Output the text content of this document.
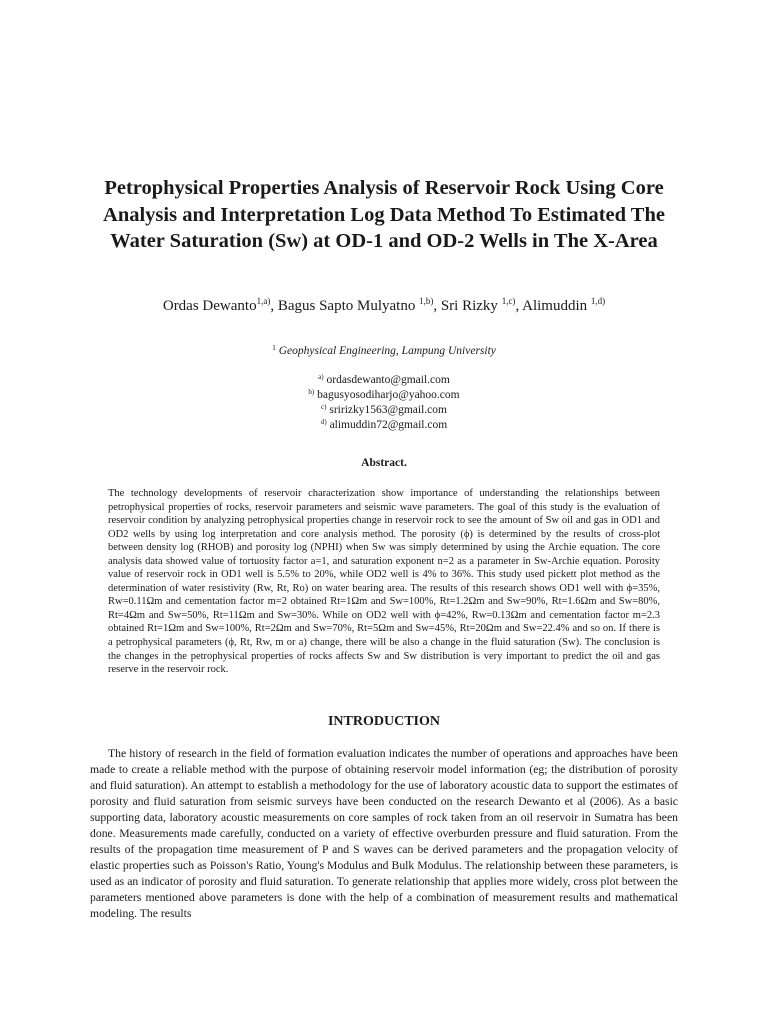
Petrophysical Properties Analysis of Reservoir Rock Using Core Analysis and Interpretation Log Data Method To Estimated The Water Saturation (Sw) at OD-1 and OD-2 Wells in The X-Area
Ordas Dewanto$^{1,a)}$, Bagus Sapto Mulyatno $^{1,b)}$, Sri Rizky $^{1,c)}$, Alimuddin $^{1,d)}$
$^1$ Geophysical Engineering, Lampung University
$^{a)}$ ordasdewanto@gmail.com
$^{b)}$ bagusyosodiharjo@yahoo.com
$^{c)}$ sririzky1563@gmail.com
$^{d)}$ alimuddin72@gmail.com
Abstract.

The technology developments of reservoir characterization show importance of understanding the relationships between petrophysical properties of rocks, reservoir parameters and seismic wave parameters. The goal of this study is the evaluation of reservoir condition by analyzing petrophysical properties change in reservoir rock to see the amount of Sw oil and gas in OD1 and OD2 wells by using log interpretation and core analysis method. The porosity (ϕ) is determined by the results of cross-plot between density log (RHOB) and porosity log (NPHI) when Sw was simply determined by using the Archie equation. The core analysis data showed value of tortuosity factor a=1, and saturation exponent n=2 as a parameter in Sw-Archie equation. Porosity value of reservoir rock in OD1 well is 5.5% to 20%, while OD2 well is 4% to 36%. This study used pickett plot method as the determination of water resistivity (Rw, Rt, Ro) on water bearing area. The results of this research shows OD1 well with ϕ=35%, Rw=0.11Ωm and cementation factor m=2 obtained Rt=1Ωm and Sw=100%, Rt=1.2Ωm and Sw=90%, Rt=1.6Ωm and Sw=80%, Rt=4Ωm and Sw=50%, Rt=11Ωm and Sw=30%. While on OD2 well with ϕ=42%, Rw=0.13Ωm and cementation factor m=2.3 obtained Rt=1Ωm and Sw=100%, Rt=2Ωm and Sw=70%, Rt=5Ωm and Sw=45%, Rt=20Ωm and Sw=22.4% and so on. If there is a petrophysical parameters (ϕ, Rt, Rw, m or a) change, there will be also a change in the fluid saturation (Sw). The conclusion is the changes in the petrophysical properties of rocks affects Sw and Sw distribution is very important to predict the oil and gas reserve in the reservoir rock.

INTRODUCTION

The history of research in the field of formation evaluation indicates the number of operations and approaches have been made to create a reliable method with the purpose of obtaining reservoir model information (eg; the distribution of porosity and fluid saturation). An attempt to establish a methodology for the use of laboratory acoustic data to support the estimates of porosity and fluid saturation from seismic surveys have been conducted on the research Dewanto et al (2006). As a basic supporting data, laboratory acoustic measurements on core samples of rock taken from an oil reservoir in Sumatra has been done. Measurements made carefully, conducted on a variety of effective overburden pressure and fluid saturation. From the results of the propagation time measurement of P and S waves can be derived parameters and the propagation velocity of elastic properties such as Poisson's Ratio, Young's Modulus and Bulk Modulus. The relationship between these parameters, is used as an indicator of porosity and fluid saturation. To generate relationship that applies more widely, cross plot between the parameters mentioned above parameters is done with the help of a combination of measurement results and mathematical modeling. The results
